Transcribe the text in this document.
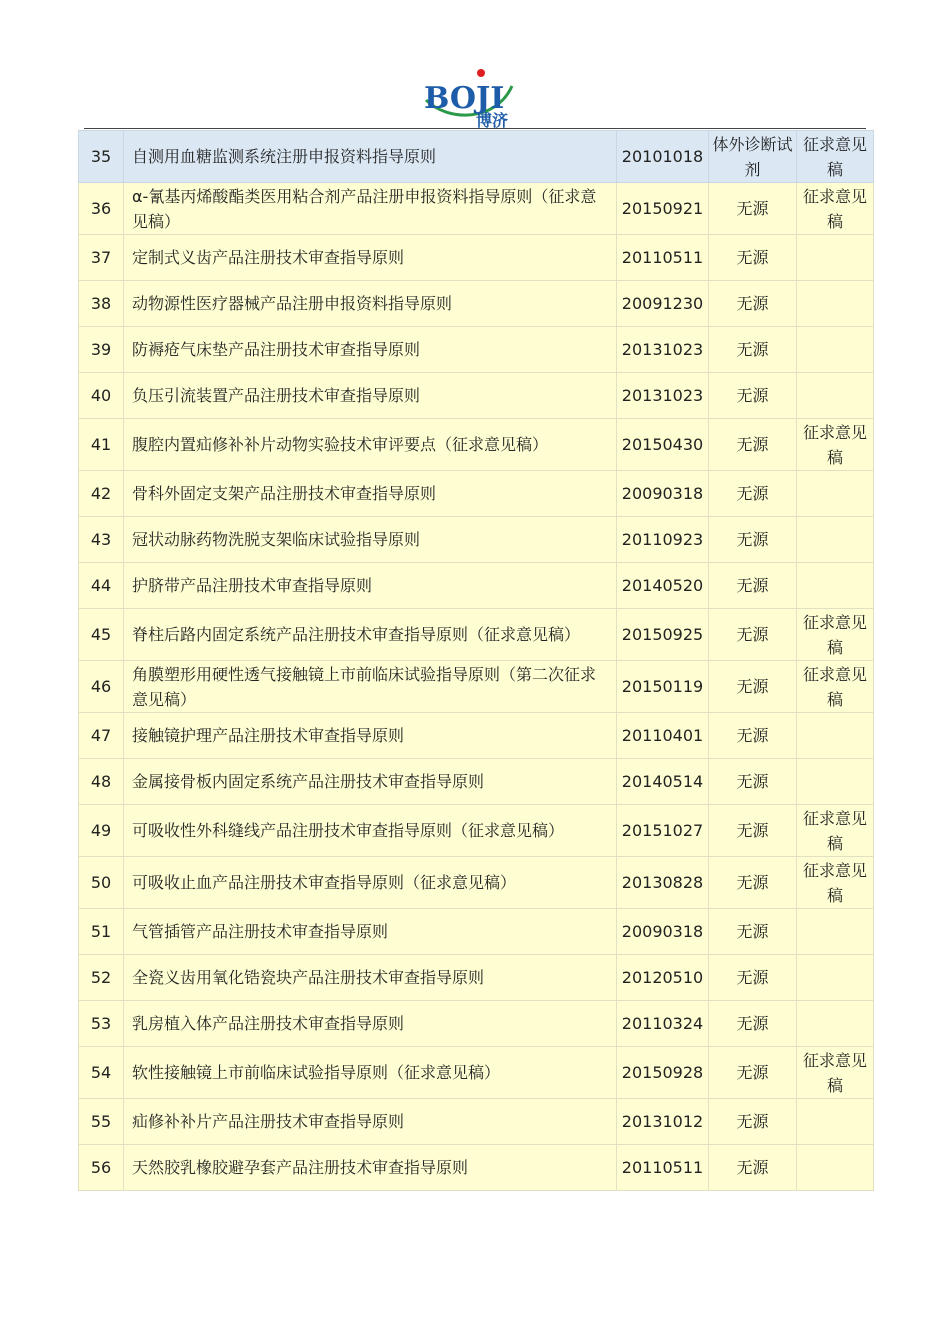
BOJI
博济
35	自测用血糖监测系统注册申报资料指导原则	20101018	体外诊断试剂	征求意见稿
36	α-氰基丙烯酸酯类医用粘合剂产品注册申报资料指导原则（征求意见稿）	20150921	无源	征求意见稿
37	定制式义齿产品注册技术审查指导原则	20110511	无源	
38	动物源性医疗器械产品注册申报资料指导原则	20091230	无源	
39	防褥疮气床垫产品注册技术审查指导原则	20131023	无源	
40	负压引流装置产品注册技术审查指导原则	20131023	无源	
41	腹腔内置疝修补补片动物实验技术审评要点（征求意见稿）	20150430	无源	征求意见稿
42	骨科外固定支架产品注册技术审查指导原则	20090318	无源	
43	冠状动脉药物洗脱支架临床试验指导原则	20110923	无源	
44	护脐带产品注册技术审查指导原则	20140520	无源	
45	脊柱后路内固定系统产品注册技术审查指导原则（征求意见稿）	20150925	无源	征求意见稿
46	角膜塑形用硬性透气接触镜上市前临床试验指导原则（第二次征求意见稿）	20150119	无源	征求意见稿
47	接触镜护理产品注册技术审查指导原则	20110401	无源	
48	金属接骨板内固定系统产品注册技术审查指导原则	20140514	无源	
49	可吸收性外科缝线产品注册技术审查指导原则（征求意见稿）	20151027	无源	征求意见稿
50	可吸收止血产品注册技术审查指导原则（征求意见稿）	20130828	无源	征求意见稿
51	气管插管产品注册技术审查指导原则	20090318	无源	
52	全瓷义齿用氧化锆瓷块产品注册技术审查指导原则	20120510	无源	
53	乳房植入体产品注册技术审查指导原则	20110324	无源	
54	软性接触镜上市前临床试验指导原则（征求意见稿）	20150928	无源	征求意见稿
55	疝修补补片产品注册技术审查指导原则	20131012	无源	
56	天然胶乳橡胶避孕套产品注册技术审查指导原则	20110511	无源	
